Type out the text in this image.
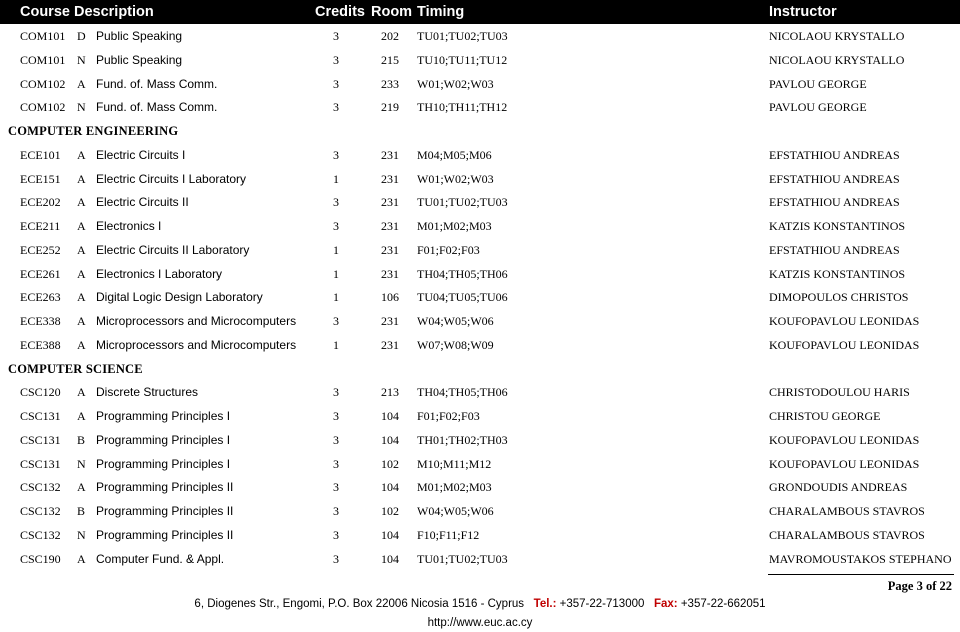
Course Description	Credits Room Timing	Instructor
COM101 D Public Speaking	3	202 TU01;TU02;TU03	NICOLAOU KRYSTALLO
COM101 N Public Speaking	3	215 TU10;TU11;TU12	NICOLAOU KRYSTALLO
COM102 A Fund. of. Mass Comm.	3	233 W01;W02;W03	PAVLOU GEORGE
COM102 N Fund. of. Mass Comm.	3	219 TH10;TH11;TH12	PAVLOU GEORGE
COMPUTER ENGINEERING
ECE101 A Electric Circuits I	3	231 M04;M05;M06	EFSTATHIOU ANDREAS
ECE151 A Electric Circuits I Laboratory	1	231 W01;W02;W03	EFSTATHIOU ANDREAS
ECE202 A Electric Circuits II	3	231 TU01;TU02;TU03	EFSTATHIOU ANDREAS
ECE211 A Electronics I	3	231 M01;M02;M03	KATZIS KONSTANTINOS
ECE252 A Electric Circuits II Laboratory	1	231 F01;F02;F03	EFSTATHIOU ANDREAS
ECE261 A Electronics I Laboratory	1	231 TH04;TH05;TH06	KATZIS KONSTANTINOS
ECE263 A Digital Logic Design Laboratory	1	106 TU04;TU05;TU06	DIMOPOULOS CHRISTOS
ECE338 A Microprocessors and Microcomputers	3	231 W04;W05;W06	KOUFOPAVLOU LEONIDAS
ECE388 A Microprocessors and Microcomputers	1	231 W07;W08;W09	KOUFOPAVLOU LEONIDAS
COMPUTER SCIENCE
CSC120 A Discrete Structures	3	213 TH04;TH05;TH06	CHRISTODOULOU HARIS
CSC131 A Programming Principles I	3	104 F01;F02;F03	CHRISTOU GEORGE
CSC131 B Programming Principles I	3	104 TH01;TH02;TH03	KOUFOPAVLOU LEONIDAS
CSC131 N Programming Principles I	3	102 M10;M11;M12	KOUFOPAVLOU LEONIDAS
CSC132 A Programming Principles II	3	104 M01;M02;M03	GRONDOUDIS ANDREAS
CSC132 B Programming Principles II	3	102 W04;W05;W06	CHARALAMBOUS STAVROS
CSC132 N Programming Principles II	3	104 F10;F11;F12	CHARALAMBOUS STAVROS
CSC190 A Computer Fund. & Appl.	3	104 TU01;TU02;TU03	MAVROMOUSTAKOS STEPHANO
Page 3 of 22
6, Diogenes Str., Engomi, P.O. Box 22006 Nicosia 1516 - Cyprus Tel.: +357-22-713000 Fax: +357-22-662051
http://www.euc.ac.cy
